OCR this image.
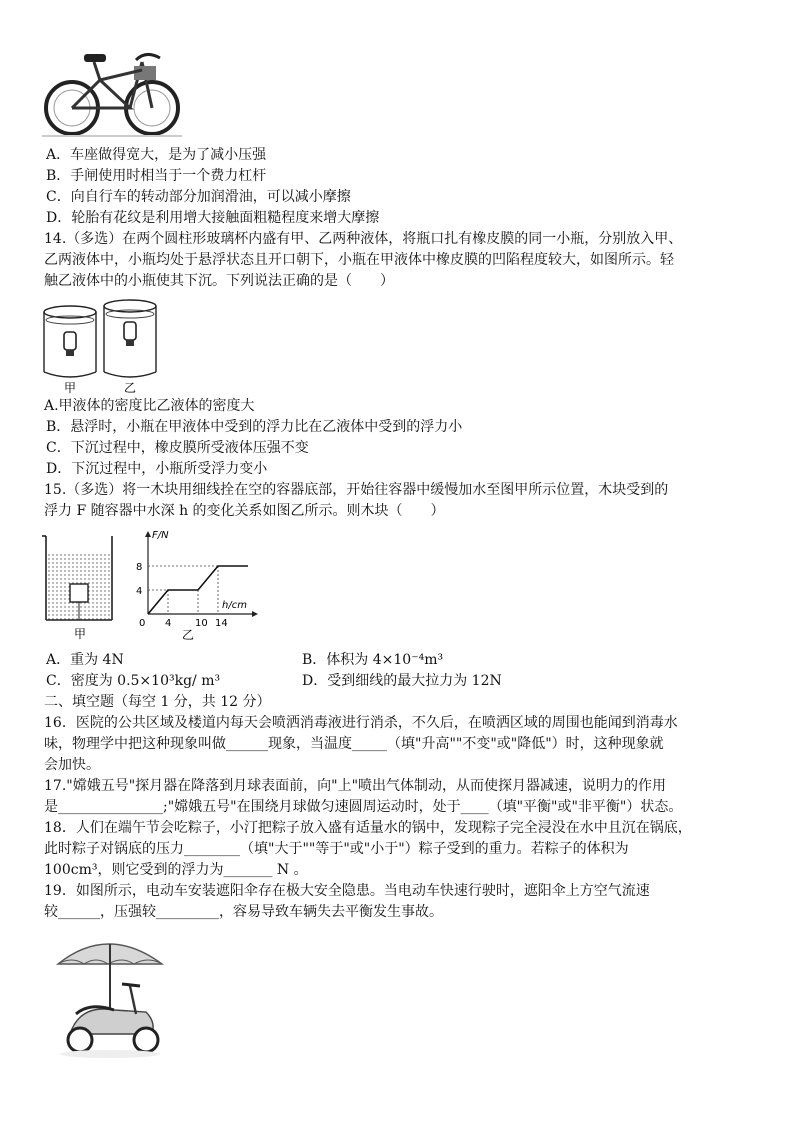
A．车座做得宽大，是为了减小压强
B．手闸使用时相当于一个费力杠杆
C．向自行车的转动部分加润滑油，可以减小摩擦
D．轮胎有花纹是利用增大接触面粗糙程度来增大摩擦
14.（多选）在两个圆柱形玻璃杯内盛有甲、乙两种液体，将瓶口扎有橡皮膜的同一小瓶，分别放入甲、
乙两液体中，小瓶均处于悬浮状态且开口朝下，小瓶在甲液体中橡皮膜的凹陷程度较大，如图所示。轻
触乙液体中的小瓶使其下沉。下列说法正确的是（　　）
甲	乙
A.甲液体的密度比乙液体的密度大
B．悬浮时，小瓶在甲液体中受到的浮力比在乙液体中受到的浮力小
C．下沉过程中，橡皮膜所受液体压强不变
D．下沉过程中，小瓶所受浮力变小
15.（多选）将一木块用细线拴在空的容器底部，开始往容器中缓慢加水至图甲所示位置，木块受到的
浮力 F 随容器中水深 h 的变化关系如图乙所示。则木块（　　）
甲
F/N
h/cm
8
4
0 4 10 14
乙
A．重为 4N	B．体积为 4×10⁻⁴m³
C．密度为 0.5×10³kg/ m³	D．受到细线的最大拉力为 12N
二、填空题（每空 1 分，共 12 分）
16．医院的公共区域及楼道内每天会喷洒消毒液进行消杀，不久后，在喷洒区域的周围也能闻到消毒水
味，物理学中把这种现象叫做______现象，当温度_____（填"升高""不变"或"降低"）时，这种现象就
会加快。
17."嫦娥五号"探月器在降落到月球表面前，向"上"喷出气体制动，从而使探月器减速，说明力的作用
是_______________;"嫦娥五号"在围绕月球做匀速圆周运动时，处于____（填"平衡"或"非平衡"）状态。
18．人们在端午节会吃粽子，小汀把粽子放入盛有适量水的锅中，发现粽子完全浸没在水中且沉在锅底，
此时粽子对锅底的压力________（填"大于""等于"或"小于"）粽子受到的重力。若粽子的体积为
100cm³，则它受到的浮力为_______ N 。
19．如图所示，电动车安装遮阳伞存在极大安全隐患。当电动车快速行驶时，遮阳伞上方空气流速
较______，压强较_________，容易导致车辆失去平衡发生事故。
